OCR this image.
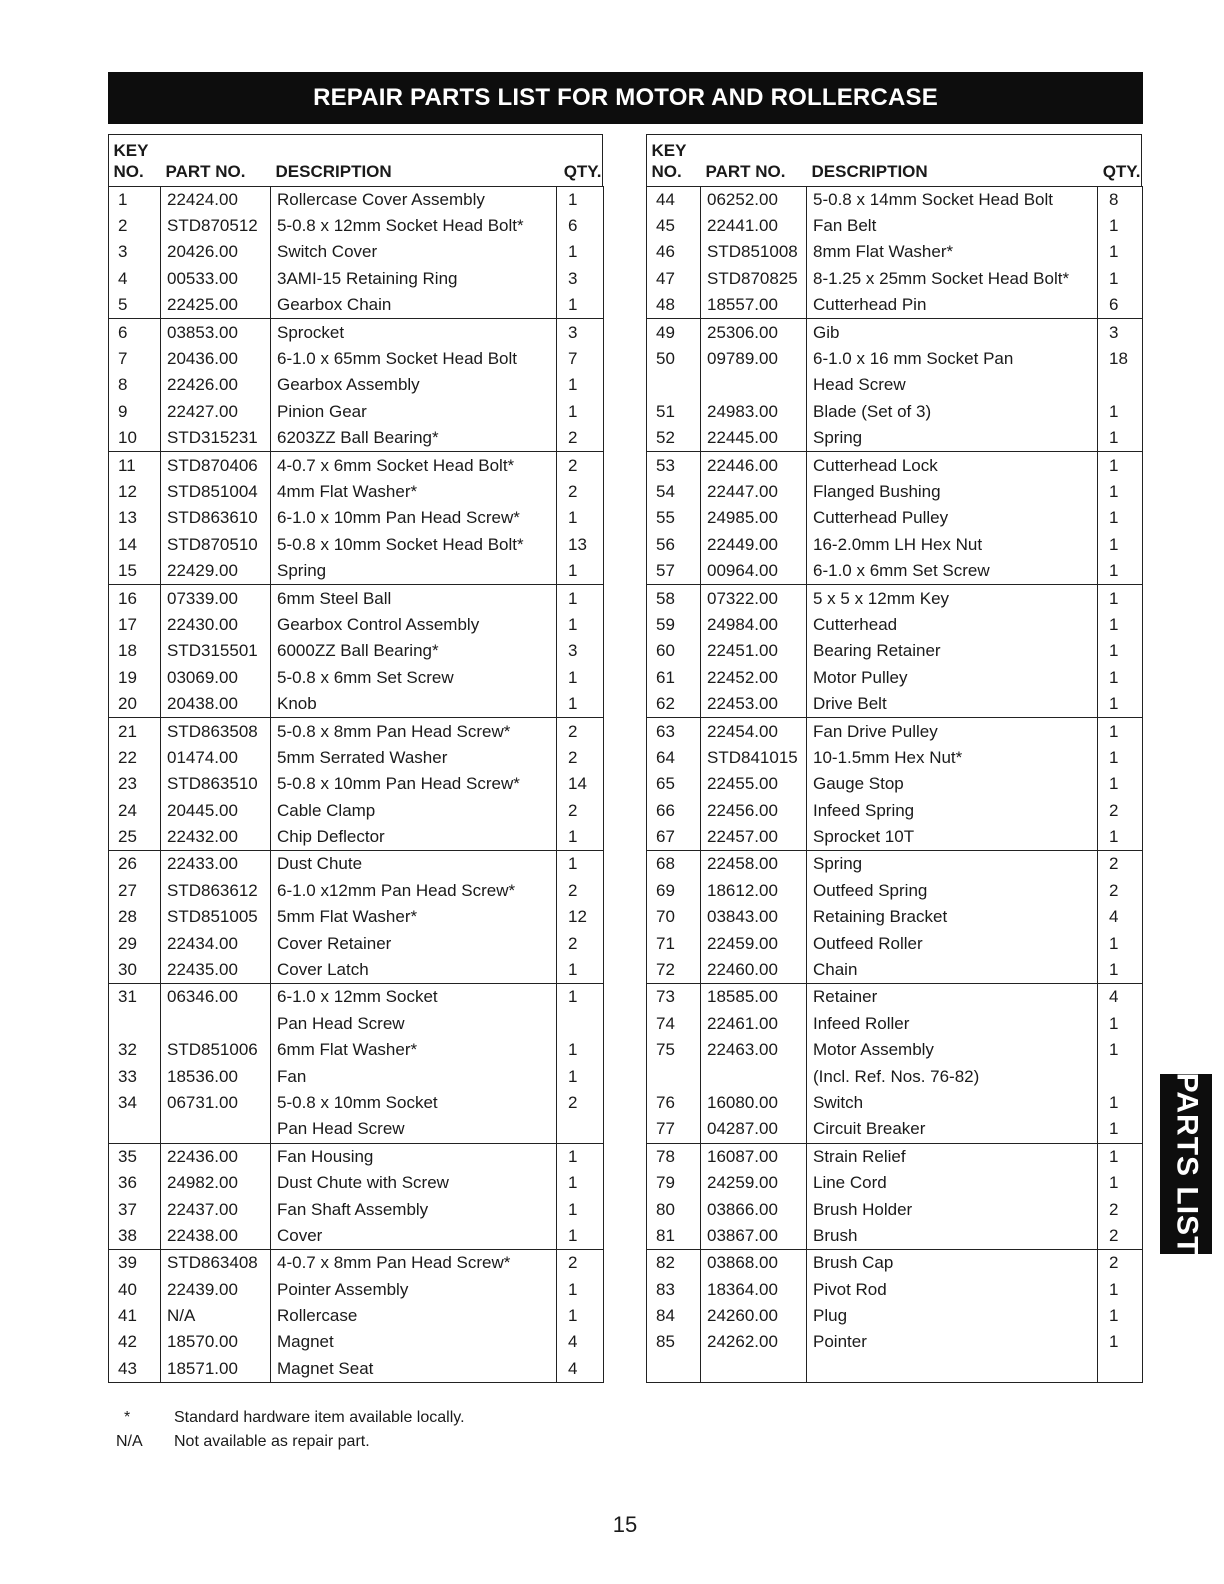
REPAIR PARTS LIST FOR MOTOR AND ROLLERCASE
KEY
NO.	PART NO.	DESCRIPTION	QTY.
1	22424.00	Rollercase Cover Assembly	1
2	STD870512	5-0.8 x 12mm Socket Head Bolt*	6
3	20426.00	Switch Cover	1
4	00533.00	3AMI-15 Retaining Ring	3
5	22425.00	Gearbox Chain	1
6	03853.00	Sprocket	3
7	20436.00	6-1.0 x 65mm Socket Head Bolt	7
8	22426.00	Gearbox Assembly	1
9	22427.00	Pinion Gear	1
10	STD315231	6203ZZ Ball Bearing*	2
11	STD870406	4-0.7 x 6mm Socket Head Bolt*	2
12	STD851004	4mm Flat Washer*	2
13	STD863610	6-1.0 x 10mm Pan Head Screw*	1
14	STD870510	5-0.8 x 10mm Socket Head Bolt*	13
15	22429.00	Spring	1
16	07339.00	6mm Steel Ball	1
17	22430.00	Gearbox Control Assembly	1
18	STD315501	6000ZZ Ball Bearing*	3
19	03069.00	5-0.8 x 6mm Set Screw	1
20	20438.00	Knob	1
21	STD863508	5-0.8 x 8mm Pan Head Screw*	2
22	01474.00	5mm Serrated Washer	2
23	STD863510	5-0.8 x 10mm Pan Head Screw*	14
24	20445.00	Cable Clamp	2
25	22432.00	Chip Deflector	1
26	22433.00	Dust Chute	1
27	STD863612	6-1.0 x12mm Pan Head Screw*	2
28	STD851005	5mm Flat Washer*	12
29	22434.00	Cover Retainer	2
30	22435.00	Cover Latch	1
31	06346.00	6-1.0 x 12mm Socket	1
		Pan Head Screw	
32	STD851006	6mm Flat Washer*	1
33	18536.00	Fan	1
34	06731.00	5-0.8 x 10mm Socket	2
		Pan Head Screw	
35	22436.00	Fan Housing	1
36	24982.00	Dust Chute with Screw	1
37	22437.00	Fan Shaft Assembly	1
38	22438.00	Cover	1
39	STD863408	4-0.7 x 8mm Pan Head Screw*	2
40	22439.00	Pointer Assembly	1
41	N/A	Rollercase	1
42	18570.00	Magnet	4
43	18571.00	Magnet Seat	4
KEY
NO.	PART NO.	DESCRIPTION	QTY.
44	06252.00	5-0.8 x 14mm Socket Head Bolt	8
45	22441.00	Fan Belt	1
46	STD851008	8mm Flat Washer*	1
47	STD870825	8-1.25 x 25mm Socket Head Bolt*	1
48	18557.00	Cutterhead Pin	6
49	25306.00	Gib	3
50	09789.00	6-1.0 x 16 mm Socket Pan	18
		Head Screw	
51	24983.00	Blade (Set of 3)	1
52	22445.00	Spring	1
53	22446.00	Cutterhead Lock	1
54	22447.00	Flanged Bushing	1
55	24985.00	Cutterhead Pulley	1
56	22449.00	16-2.0mm LH Hex Nut	1
57	00964.00	6-1.0 x 6mm Set Screw	1
58	07322.00	5 x 5 x 12mm Key	1
59	24984.00	Cutterhead	1
60	22451.00	Bearing Retainer	1
61	22452.00	Motor Pulley	1
62	22453.00	Drive Belt	1
63	22454.00	Fan Drive Pulley	1
64	STD841015	10-1.5mm Hex Nut*	1
65	22455.00	Gauge Stop	1
66	22456.00	Infeed Spring	2
67	22457.00	Sprocket 10T	1
68	22458.00	Spring	2
69	18612.00	Outfeed Spring	2
70	03843.00	Retaining Bracket	4
71	22459.00	Outfeed Roller	1
72	22460.00	Chain	1
73	18585.00	Retainer	4
74	22461.00	Infeed Roller	1
75	22463.00	Motor Assembly	1
		(Incl. Ref. Nos. 76-82)	
76	16080.00	Switch	1
77	04287.00	Circuit Breaker	1
78	16087.00	Strain Relief	1
79	24259.00	Line Cord	1
80	03866.00	Brush Holder	2
81	03867.00	Brush	2
82	03868.00	Brush Cap	2
83	18364.00	Pivot Rod	1
84	24260.00	Plug	1
85	24262.00	Pointer	1

*	Standard hardware item available locally.
N/A	Not available as repair part.
15
PARTS LIST
